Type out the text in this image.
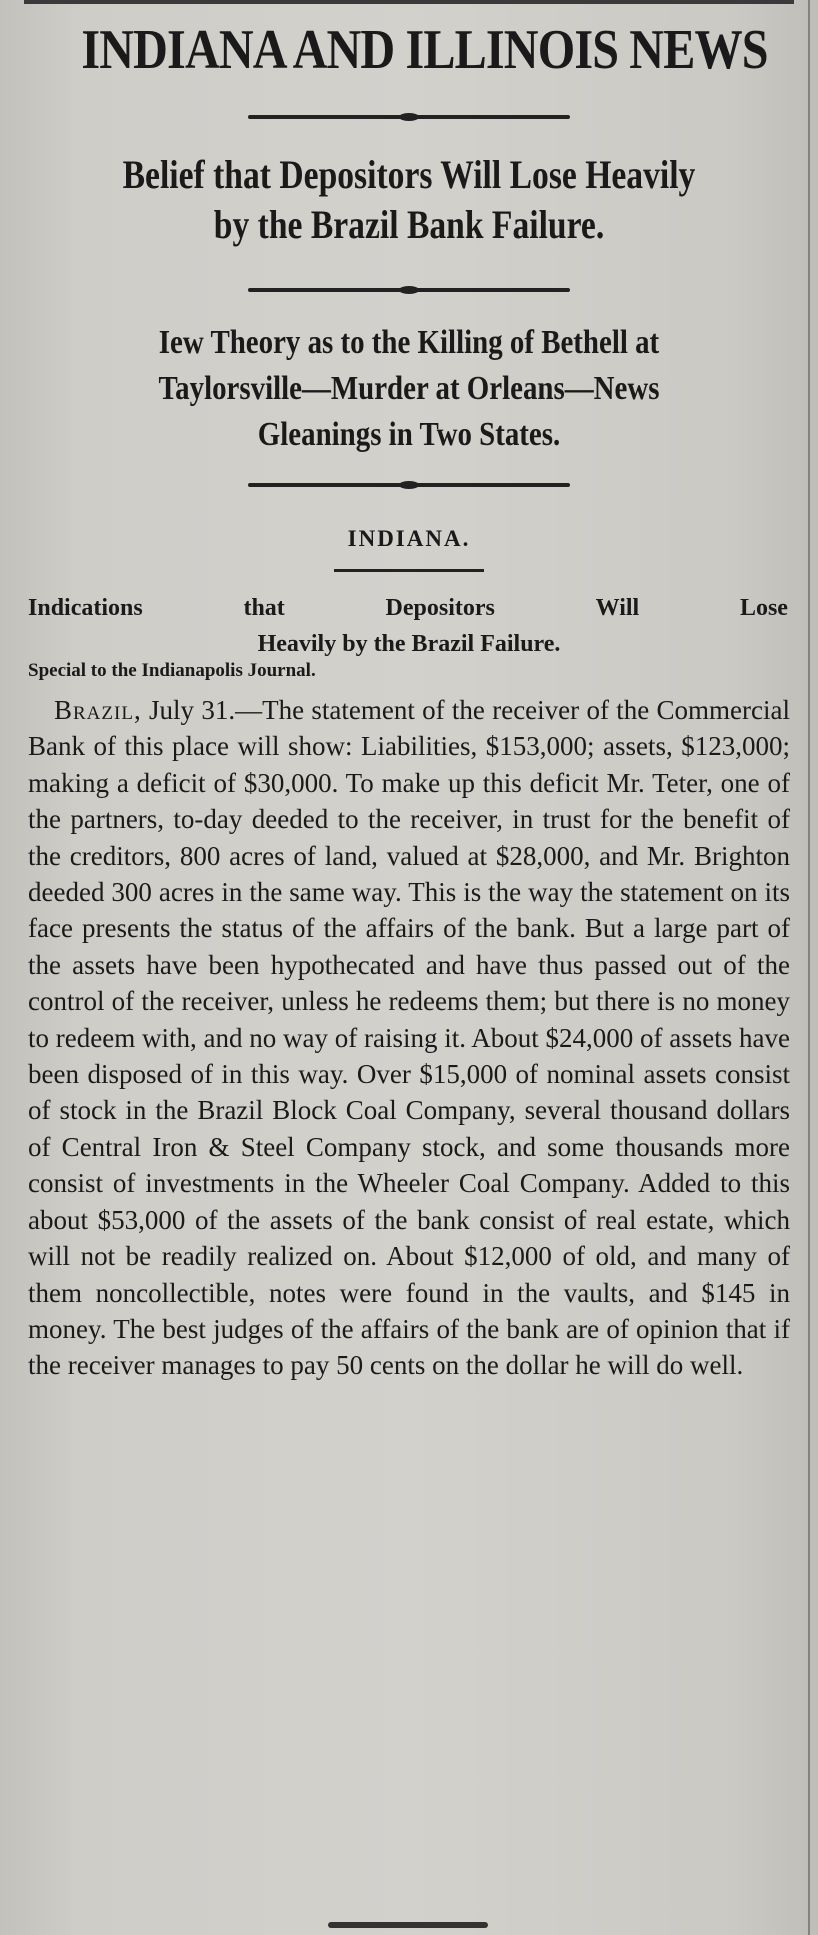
INDIANA AND ILLINOIS NEWS
Belief that Depositors Will Lose Heavily
by the Brazil Bank Failure.
Iew Theory as to the Killing of Bethell at
Taylorsville—Murder at Orleans—News
Gleanings in Two States.
INDIANA.
Indications	that	Depositors	Will	Lose
Heavily by the Brazil Failure.
Special to the Indianapolis Journal.

Brazil, July 31.—The statement of the receiver of the Commercial Bank of this place will show: Liabilities, $153,000; assets, $123,000; making a deficit of $30,000. To make up this deficit Mr. Teter, one of the partners, to-day deeded to the receiver, in trust for the benefit of the creditors, 800 acres of land, valued at $28,000, and Mr. Brighton deeded 300 acres in the same way. This is the way the statement on its face presents the status of the affairs of the bank. But a large part of the assets have been hypothecated and have thus passed out of the control of the receiver, unless he redeems them; but there is no money to redeem with, and no way of raising it. About $24,000 of assets have been disposed of in this way. Over $15,000 of nominal assets consist of stock in the Brazil Block Coal Company, several thousand dollars of Central Iron & Steel Company stock, and some thousands more consist of investments in the Wheeler Coal Company. Added to this about $53,000 of the assets of the bank consist of real estate, which will not be readily realized on. About $12,000 of old, and many of them noncollectible, notes were found in the vaults, and $145 in money. The best judges of the affairs of the bank are of opinion that if the receiver manages to pay 50 cents on the dollar he will do well.
